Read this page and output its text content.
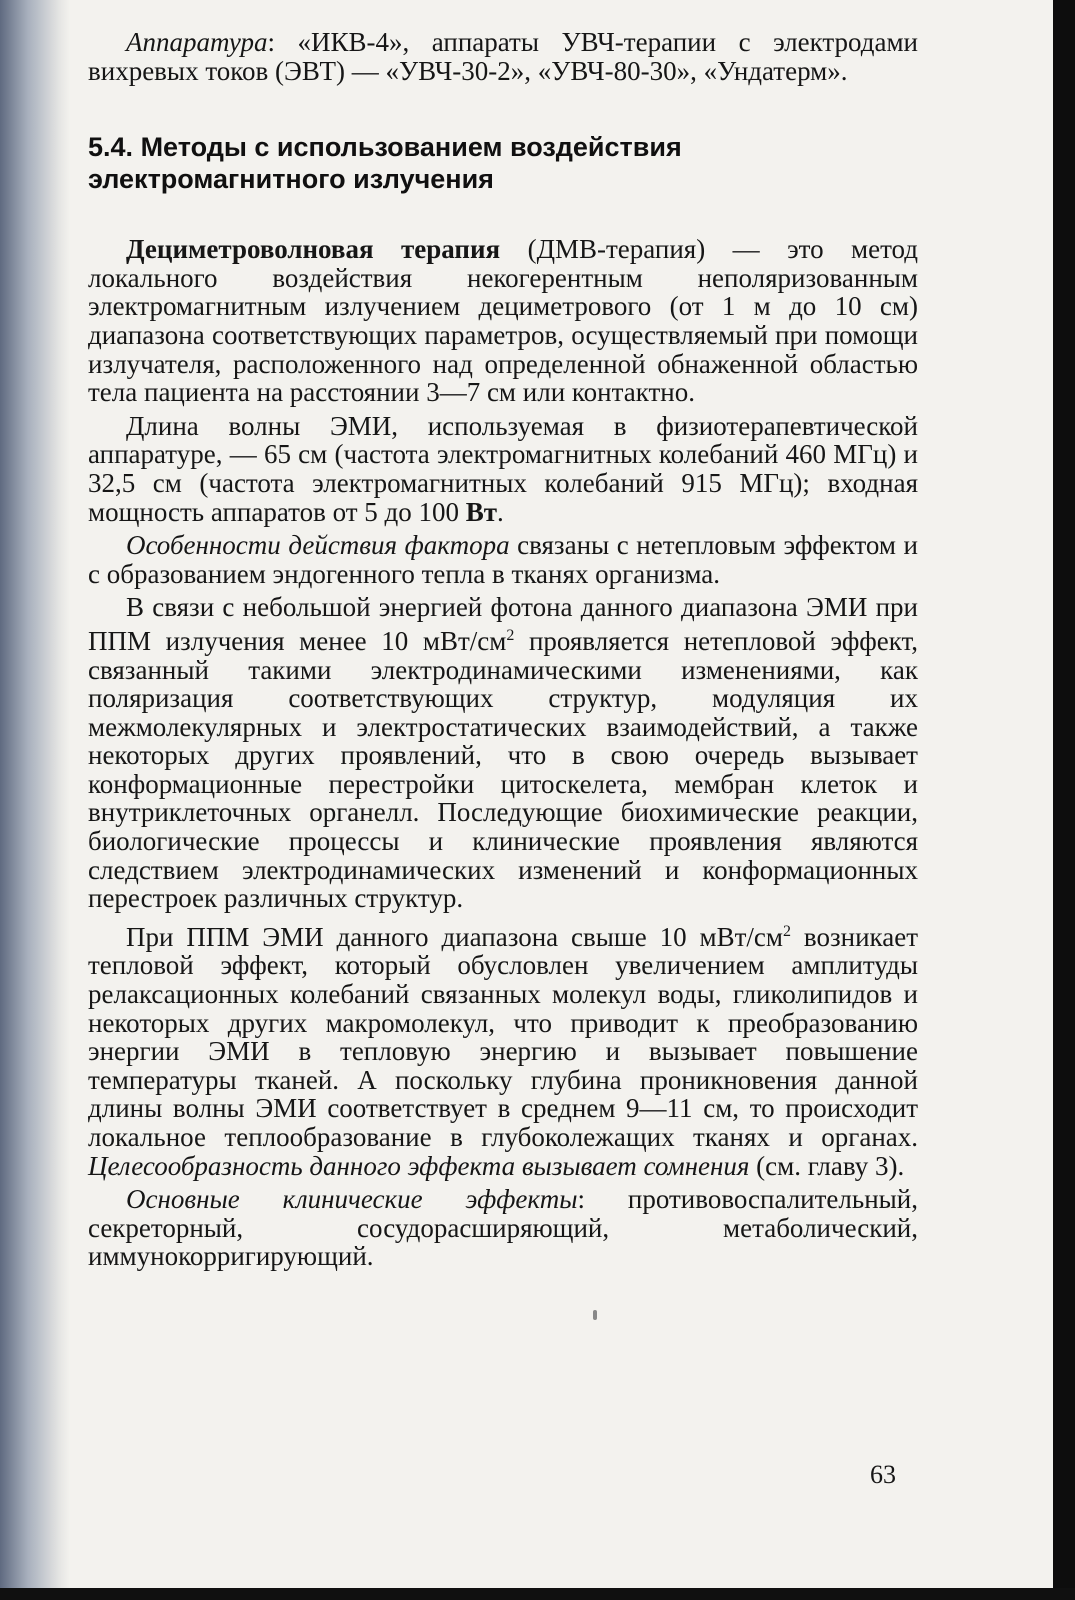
Аппаратура: «ИКВ-4», аппараты УВЧ-терапии с электродами вихревых токов (ЭВТ) — «УВЧ-30-2», «УВЧ-80-30», «Ундатерм».

5.4. Методы с использованием воздействия электромагнитного излучения

Дециметроволновая терапия (ДМВ-терапия) — это метод локального воздействия некогерентным неполяризованным электромагнитным излучением дециметрового (от 1 м до 10 см) диапазона соответствующих параметров, осуществляемый при помощи излучателя, расположенного над определенной обнаженной областью тела пациента на расстоянии 3—7 см или контактно.

Длина волны ЭМИ, используемая в физиотерапевтической аппаратуре, — 65 см (частота электромагнитных колебаний 460 МГц) и 32,5 см (частота электромагнитных колебаний 915 МГц); входная мощность аппаратов от 5 до 100 Вт.

Особенности действия фактора связаны с нетепловым эффектом и с образованием эндогенного тепла в тканях организма.

В связи с небольшой энергией фотона данного диапазона ЭМИ при ППМ излучения менее 10 мВт/$см^2$ проявляется нетепловой эффект, связанный такими электродинамическими изменениями, как поляризация соответствующих структур, модуляция их межмолекулярных и электростатических взаимодействий, а также некоторых других проявлений, что в свою очередь вызывает конформационные перестройки цитоскелета, мембран клеток и внутриклеточных органелл. Последующие биохимические реакции, биологические процессы и клинические проявления являются следствием электродинамических изменений и конформационных перестроек различных структур.

При ППМ ЭМИ данного диапазона свыше 10 мВт/$см^2$ возникает тепловой эффект, который обусловлен увеличением амплитуды релаксационных колебаний связанных молекул воды, гликолипидов и некоторых других макромолекул, что приводит к преобразованию энергии ЭМИ в тепловую энергию и вызывает повышение температуры тканей. А поскольку глубина проникновения данной длины волны ЭМИ соответствует в среднем 9—11 см, то происходит локальное теплообразование в глубоколежащих тканях и органах. Целесообразность данного эффекта вызывает сомнения (см. главу 3).

Основные клинические эффекты: противовоспалительный, секреторный, сосудорасширяющий, метаболический, иммунокорригирующий.

63
